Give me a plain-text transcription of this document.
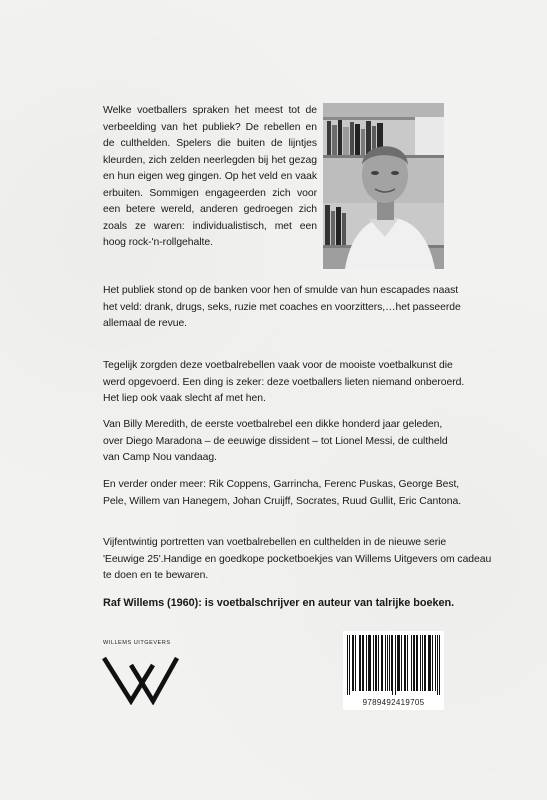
Welke voetballers spraken het meest tot de
verbeelding van het publiek? De rebellen en
de culthelden. Spelers die buiten de lijntjes
kleurden, zich zelden neerlegden bij het gezag
en hun eigen weg gingen. Op het veld en vaak
erbuiten. Sommigen engageerden zich voor
een betere wereld, anderen gedroegen zich
zoals ze waren: individualistisch, met een
hoog rock-'n-rollgehalte.
Het publiek stond op de banken voor hen of smulde van hun escapades naast
het veld: drank, drugs, seks, ruzie met coaches en voorzitters,…het passeerde
allemaal de revue.
Tegelijk zorgden deze voetbalrebellen vaak voor de mooiste voetbalkunst die
werd opgevoerd. Een ding is zeker: deze voetballers lieten niemand onberoerd.
Het liep ook vaak slecht af met hen.
Van Billy Meredith, de eerste voetbalrebel een dikke honderd jaar geleden,
over Diego Maradona – de eeuwige dissident – tot Lionel Messi, de cultheld
van Camp Nou vandaag.
En verder onder meer: Rik Coppens, Garrincha, Ferenc Puskas, George Best,
Pele, Willem van Hanegem, Johan Cruijff, Socrates, Ruud Gullit, Eric Cantona.
Vijfentwintig portretten van voetbalrebellen en culthelden in de nieuwe serie
'Eeuwige 25'.Handige en goedkope pocketboekjes van Willems Uitgevers om cadeau
te doen en te bewaren.
Raf Willems (1960): is voetbalschrijver en auteur van talrijke boeken.
WILLEMS UITGEVERS
9789492419705
